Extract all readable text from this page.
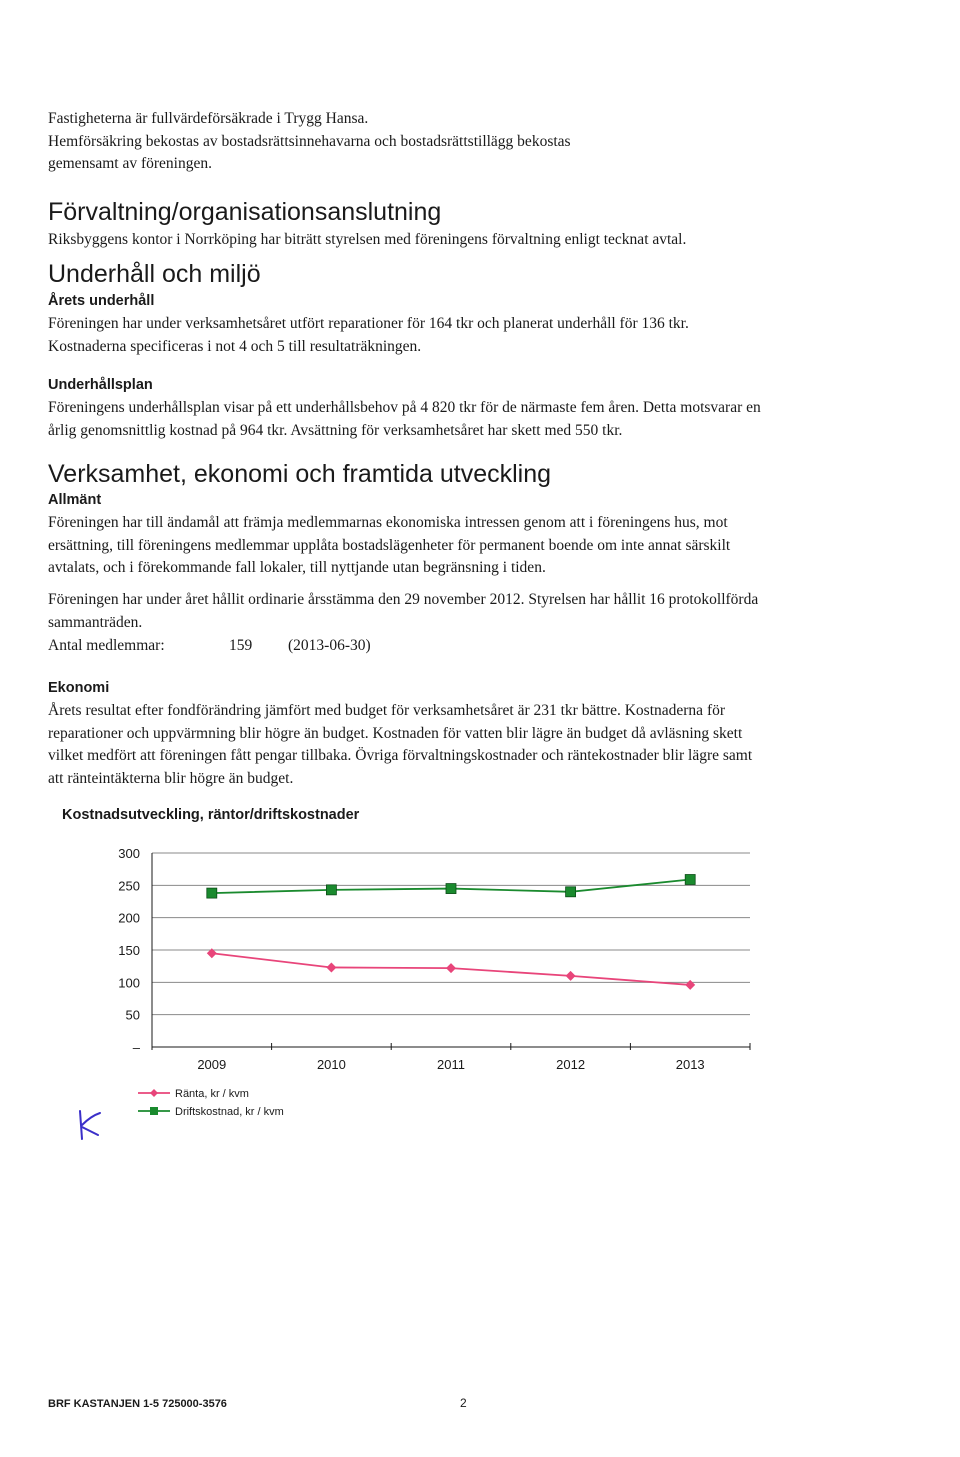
Fastigheterna är fullvärdeförsäkrade i Trygg Hansa.
Hemförsäkring bekostas av bostadsrättsinnehavarna och bostadsrättstillägg bekostas
gemensamt av föreningen.
Förvaltning/organisationsanslutning
Riksbyggens kontor i Norrköping har biträtt styrelsen med föreningens förvaltning enligt tecknat avtal.
Underhåll och miljö
Årets underhåll
Föreningen har under verksamhetsåret utfört reparationer för 164 tkr och planerat underhåll för 136 tkr.
Kostnaderna specificeras i not 4 och 5 till resultaträkningen.
Underhållsplan
Föreningens underhållsplan visar på ett underhållsbehov på 4 820 tkr för de närmaste fem åren. Detta motsvarar en
årlig genomsnittlig kostnad på 964 tkr. Avsättning för verksamhetsåret har skett med 550 tkr.
Verksamhet, ekonomi och framtida utveckling
Allmänt
Föreningen har till ändamål att främja medlemmarnas ekonomiska intressen genom att i föreningens hus, mot
ersättning, till föreningens medlemmar upplåta bostadslägenheter för permanent boende om inte annat särskilt
avtalats, och i förekommande fall lokaler, till nyttjande utan begränsning i tiden.
Föreningen har under året hållit ordinarie årsstämma den 29 november 2012. Styrelsen har hållit 16 protokollförda
sammanträden.
Antal medlemmar:	159 (2013-06-30)
Ekonomi
Årets resultat efter fondförändring jämfört med budget för verksamhetsåret är 231 tkr bättre. Kostnaderna för
reparationer och uppvärmning blir högre än budget. Kostnaden för vatten blir lägre än budget då avläsning skett
vilket medfört att föreningen fått pengar tillbaka. Övriga förvaltningskostnader och räntekostnader blir lägre samt
att ränteintäkterna blir högre än budget.
Kostnadsutveckling, räntor/driftskostnader
300
250
200
150
100
50
–
2009	2010	2011	2012	2013
Ränta, kr / kvm
Driftskostnad, kr / kvm
BRF KASTANJEN 1-5 725000-3576	2
